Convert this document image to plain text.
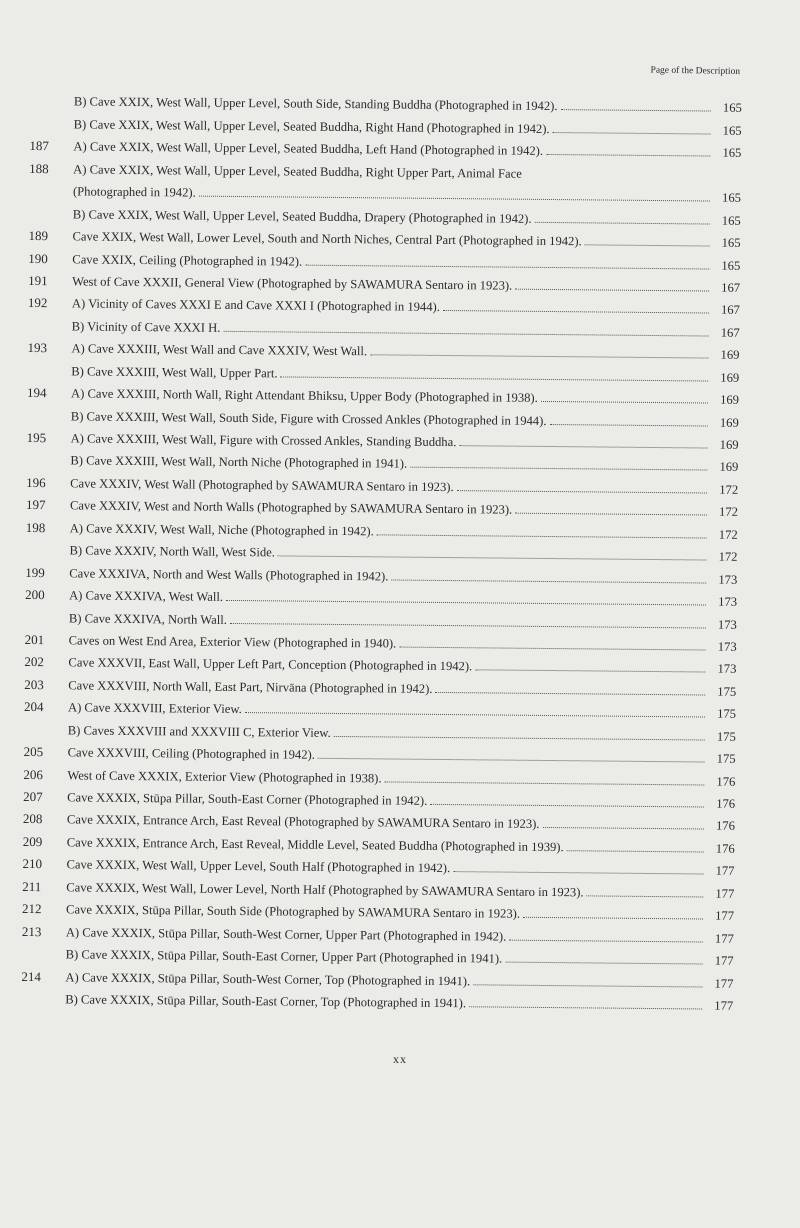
Page of the Description
B) Cave XXIX, West Wall, Upper Level, South Side, Standing Buddha (Photographed in 1942).	165
B) Cave XXIX, West Wall, Upper Level, Seated Buddha, Right Hand (Photographed in 1942).	165
187	A) Cave XXIX, West Wall, Upper Level, Seated Buddha, Left Hand (Photographed in 1942).	165
188	A) Cave XXIX, West Wall, Upper Level, Seated Buddha, Right Upper Part, Animal Face
(Photographed in 1942).	165
B) Cave XXIX, West Wall, Upper Level, Seated Buddha, Drapery (Photographed in 1942).	165
189	Cave XXIX, West Wall, Lower Level, South and North Niches, Central Part (Photographed in 1942).	165
190	Cave XXIX, Ceiling (Photographed in 1942).	165
191	West of Cave XXXII, General View (Photographed by SAWAMURA Sentaro in 1923).	167
192	A) Vicinity of Caves XXXI E and Cave XXXI I (Photographed in 1944).	167
B) Vicinity of Cave XXXI H.	167
193	A) Cave XXXIII, West Wall and Cave XXXIV, West Wall.	169
B) Cave XXXIII, West Wall, Upper Part.	169
194	A) Cave XXXIII, North Wall, Right Attendant Bhiksu, Upper Body (Photographed in 1938).	169
B) Cave XXXIII, West Wall, South Side, Figure with Crossed Ankles (Photographed in 1944).	169
195	A) Cave XXXIII, West Wall, Figure with Crossed Ankles, Standing Buddha.	169
B) Cave XXXIII, West Wall, North Niche (Photographed in 1941).	169
196	Cave XXXIV, West Wall (Photographed by SAWAMURA Sentaro in 1923).	172
197	Cave XXXIV, West and North Walls (Photographed by SAWAMURA Sentaro in 1923).	172
198	A) Cave XXXIV, West Wall, Niche (Photographed in 1942).	172
B) Cave XXXIV, North Wall, West Side.	172
199	Cave XXXIVA, North and West Walls (Photographed in 1942).	173
200	A) Cave XXXIVA, West Wall.	173
B) Cave XXXIVA, North Wall.	173
201	Caves on West End Area, Exterior View (Photographed in 1940).	173
202	Cave XXXVII, East Wall, Upper Left Part, Conception (Photographed in 1942).	173
203	Cave XXXVIII, North Wall, East Part, Nirvāna (Photographed in 1942).	175
204	A) Cave XXXVIII, Exterior View.	175
B) Caves XXXVIII and XXXVIII C, Exterior View.	175
205	Cave XXXVIII, Ceiling (Photographed in 1942).	175
206	West of Cave XXXIX, Exterior View (Photographed in 1938).	176
207	Cave XXXIX, Stūpa Pillar, South-East Corner (Photographed in 1942).	176
208	Cave XXXIX, Entrance Arch, East Reveal (Photographed by SAWAMURA Sentaro in 1923).	176
209	Cave XXXIX, Entrance Arch, East Reveal, Middle Level, Seated Buddha (Photographed in 1939).	176
210	Cave XXXIX, West Wall, Upper Level, South Half (Photographed in 1942).	177
211	Cave XXXIX, West Wall, Lower Level, North Half (Photographed by SAWAMURA Sentaro in 1923).	177
212	Cave XXXIX, Stūpa Pillar, South Side (Photographed by SAWAMURA Sentaro in 1923).	177
213	A) Cave XXXIX, Stūpa Pillar, South-West Corner, Upper Part (Photographed in 1942).	177
B) Cave XXXIX, Stūpa Pillar, South-East Corner, Upper Part (Photographed in 1941).	177
214	A) Cave XXXIX, Stūpa Pillar, South-West Corner, Top (Photographed in 1941).	177
B) Cave XXXIX, Stūpa Pillar, South-East Corner, Top (Photographed in 1941).	177
xx
